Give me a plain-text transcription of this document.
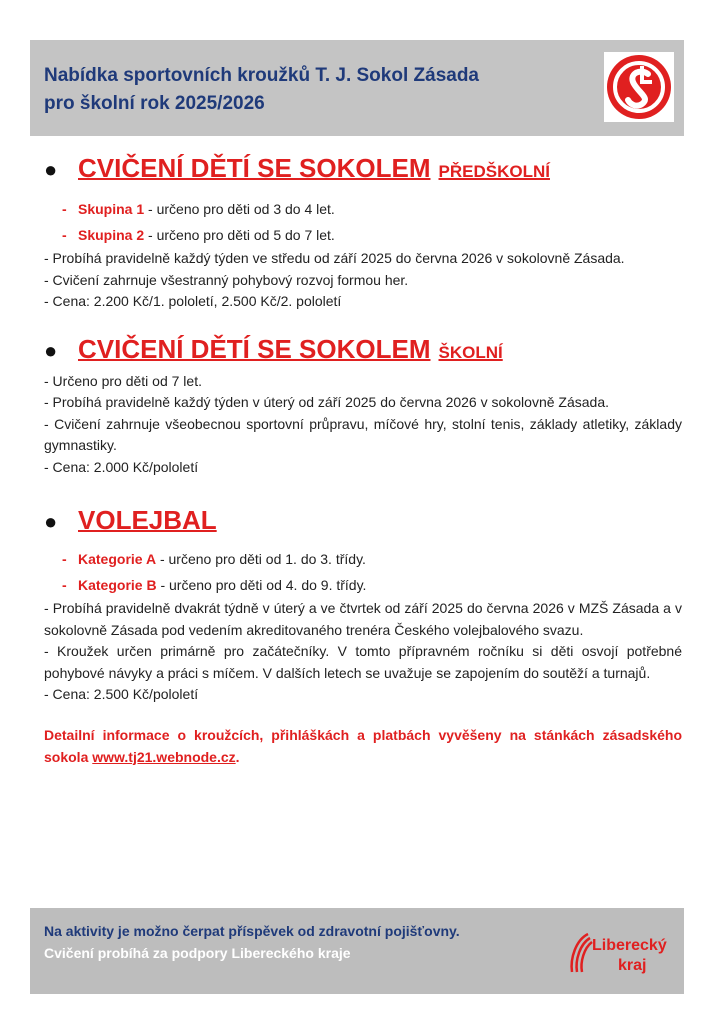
Nabídka sportovních kroužků T. J. Sokol Zásada
pro školní rok 2025/2026
● CVIČENÍ DĚTÍ SE SOKOLEM PŘEDŠKOLNÍ
- Skupina 1 - určeno pro děti od 3 do 4 let.
- Skupina 2 - určeno pro děti od 5 do 7 let.
- Probíhá pravidelně každý týden ve středu od září 2025 do června 2026 v sokolovně Zásada.
- Cvičení zahrnuje všestranný pohybový rozvoj formou her.
- Cena: 2.200 Kč/1. pololetí, 2.500 Kč/2. pololetí
● CVIČENÍ DĚTÍ SE SOKOLEM ŠKOLNÍ
- Určeno pro děti od 7 let.
- Probíhá pravidelně každý týden v úterý od září 2025 do června 2026 v sokolovně Zásada.
- Cvičení zahrnuje všeobecnou sportovní průpravu, míčové hry, stolní tenis, základy atletiky, základy gymnastiky.
- Cena: 2.000 Kč/pololetí
● VOLEJBAL
- Kategorie A - určeno pro děti od 1. do 3. třídy.
- Kategorie B - určeno pro děti od 4. do 9. třídy.
- Probíhá pravidelně dvakrát týdně v úterý a ve čtvrtek od září 2025 do června 2026 v MZŠ Zásada a v sokolovně Zásada pod vedením akreditovaného trenéra Českého volejbalového svazu.
- Kroužek určen primárně pro začátečníky. V tomto přípravném ročníku si děti osvojí potřebné pohybové návyky a práci s míčem. V dalších letech se uvažuje se zapojením do soutěží a turnajů.
- Cena: 2.500 Kč/pololetí
Detailní informace o kroužcích, přihláškách a platbách vyvěšeny na stánkách zásadského sokola www.tj21.webnode.cz.
Na aktivity je možno čerpat příspěvek od zdravotní pojišťovny.
Cvičení probíhá za podpory Libereckého kraje	Liberecký
kraj
